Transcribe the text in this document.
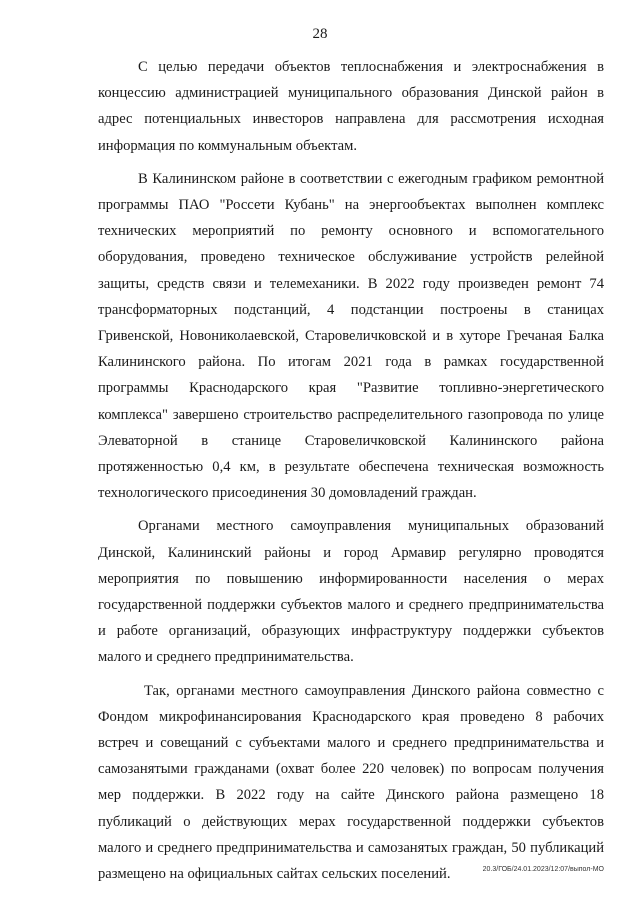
28

С целью передачи объектов теплоснабжения и электроснабжения в концессию администрацией муниципального образования Динской район в адрес потенциальных инвесторов направлена для рассмотрения исходная информация по коммунальным объектам.

В Калининском районе в соответствии с ежегодным графиком ремонтной программы ПАО "Россети Кубань" на энергообъектах выполнен комплекс технических мероприятий по ремонту основного и вспомогательного оборудования, проведено техническое обслуживание устройств релейной защиты, средств связи и телемеханики. В 2022 году произведен ремонт 74 трансформаторных подстанций, 4 подстанции построены в станицах Гривенской, Новониколаевской, Старовеличковской и в хуторе Гречаная Балка Калининского района. По итогам 2021 года в рамках государственной программы Краснодарского края "Развитие топливно-энергетического комплекса" завершено строительство распределительного газопровода по улице Элеваторной в станице Старовеличковской Калининского района протяженностью 0,4 км, в результате обеспечена техническая возможность технологического присоединения 30 домовладений граждан.

Органами местного самоуправления муниципальных образований Динской, Калининский районы и город Армавир регулярно проводятся мероприятия по повышению информированности населения о мерах государственной поддержки субъектов малого и среднего предпринимательства и работе организаций, образующих инфраструктуру поддержки субъектов малого и среднего предпринимательства.

Так, органами местного самоуправления Динского района совместно с Фондом микрофинансирования Краснодарского края проведено 8 рабочих встреч и совещаний с субъектами малого и среднего предпринимательства и самозанятыми гражданами (охват более 220 человек) по вопросам получения мер поддержки. В 2022 году на сайте Динского района размещено 18 публикаций о действующих мерах государственной поддержки субъектов малого и среднего предпринимательства и самозанятых граждан, 50 публикаций размещено на официальных сайтах сельских поселений.	20.3/ГОБ/24.01.2023/12:07/выпол-МО
